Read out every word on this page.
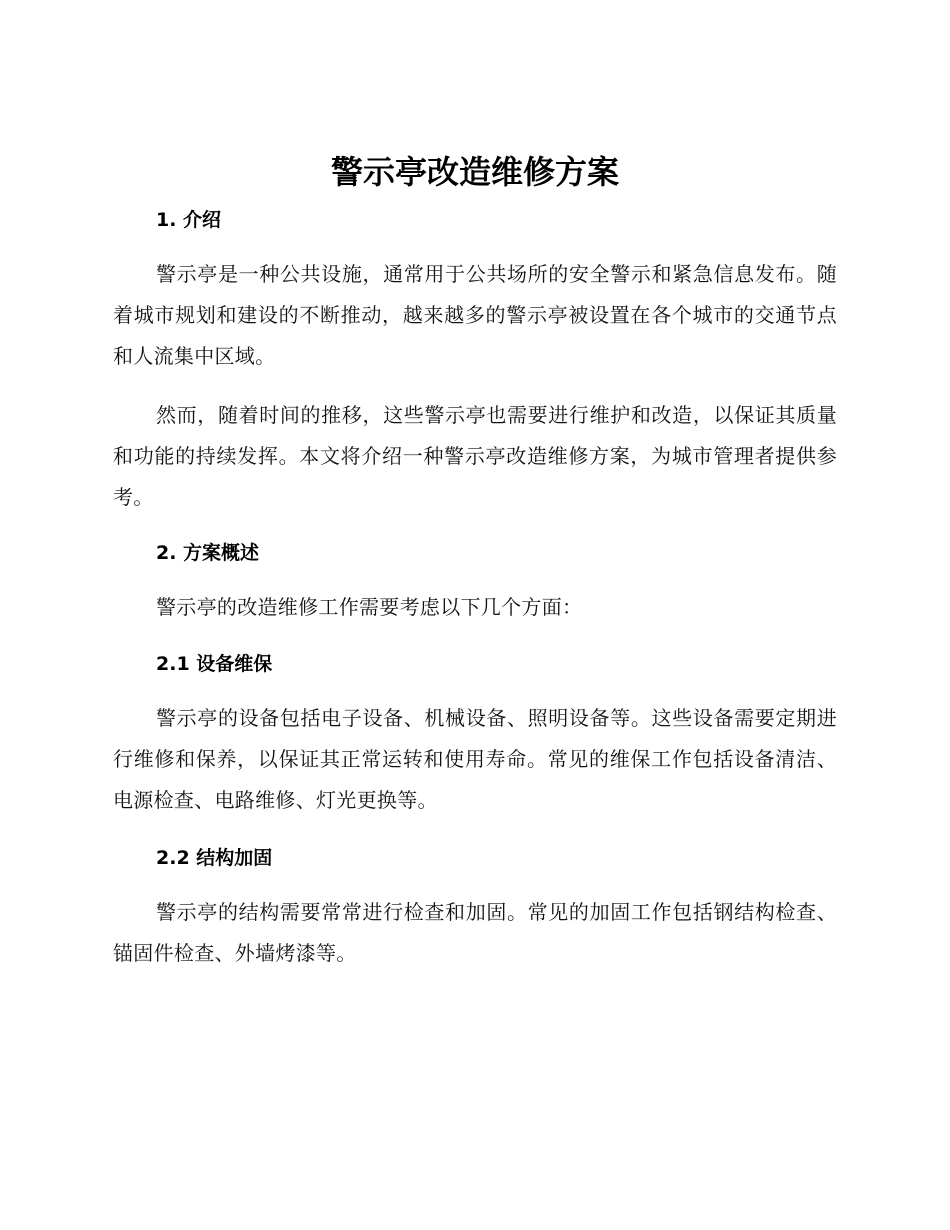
警示亭改造维修方案
1. 介绍

警示亭是一种公共设施，通常用于公共场所的安全警示和紧急信息发布。随着城市规划和建设的不断推动，越来越多的警示亭被设置在各个城市的交通节点和人流集中区域。

然而，随着时间的推移，这些警示亭也需要进行维护和改造，以保证其质量和功能的持续发挥。本文将介绍一种警示亭改造维修方案，为城市管理者提供参考。

2. 方案概述

警示亭的改造维修工作需要考虑以下几个方面：

2.1 设备维保

警示亭的设备包括电子设备、机械设备、照明设备等。这些设备需要定期进行维修和保养，以保证其正常运转和使用寿命。常见的维保工作包括设备清洁、电源检查、电路维修、灯光更换等。

2.2 结构加固

警示亭的结构需要常常进行检查和加固。常见的加固工作包括钢结构检查、锚固件检查、外墙烤漆等。
